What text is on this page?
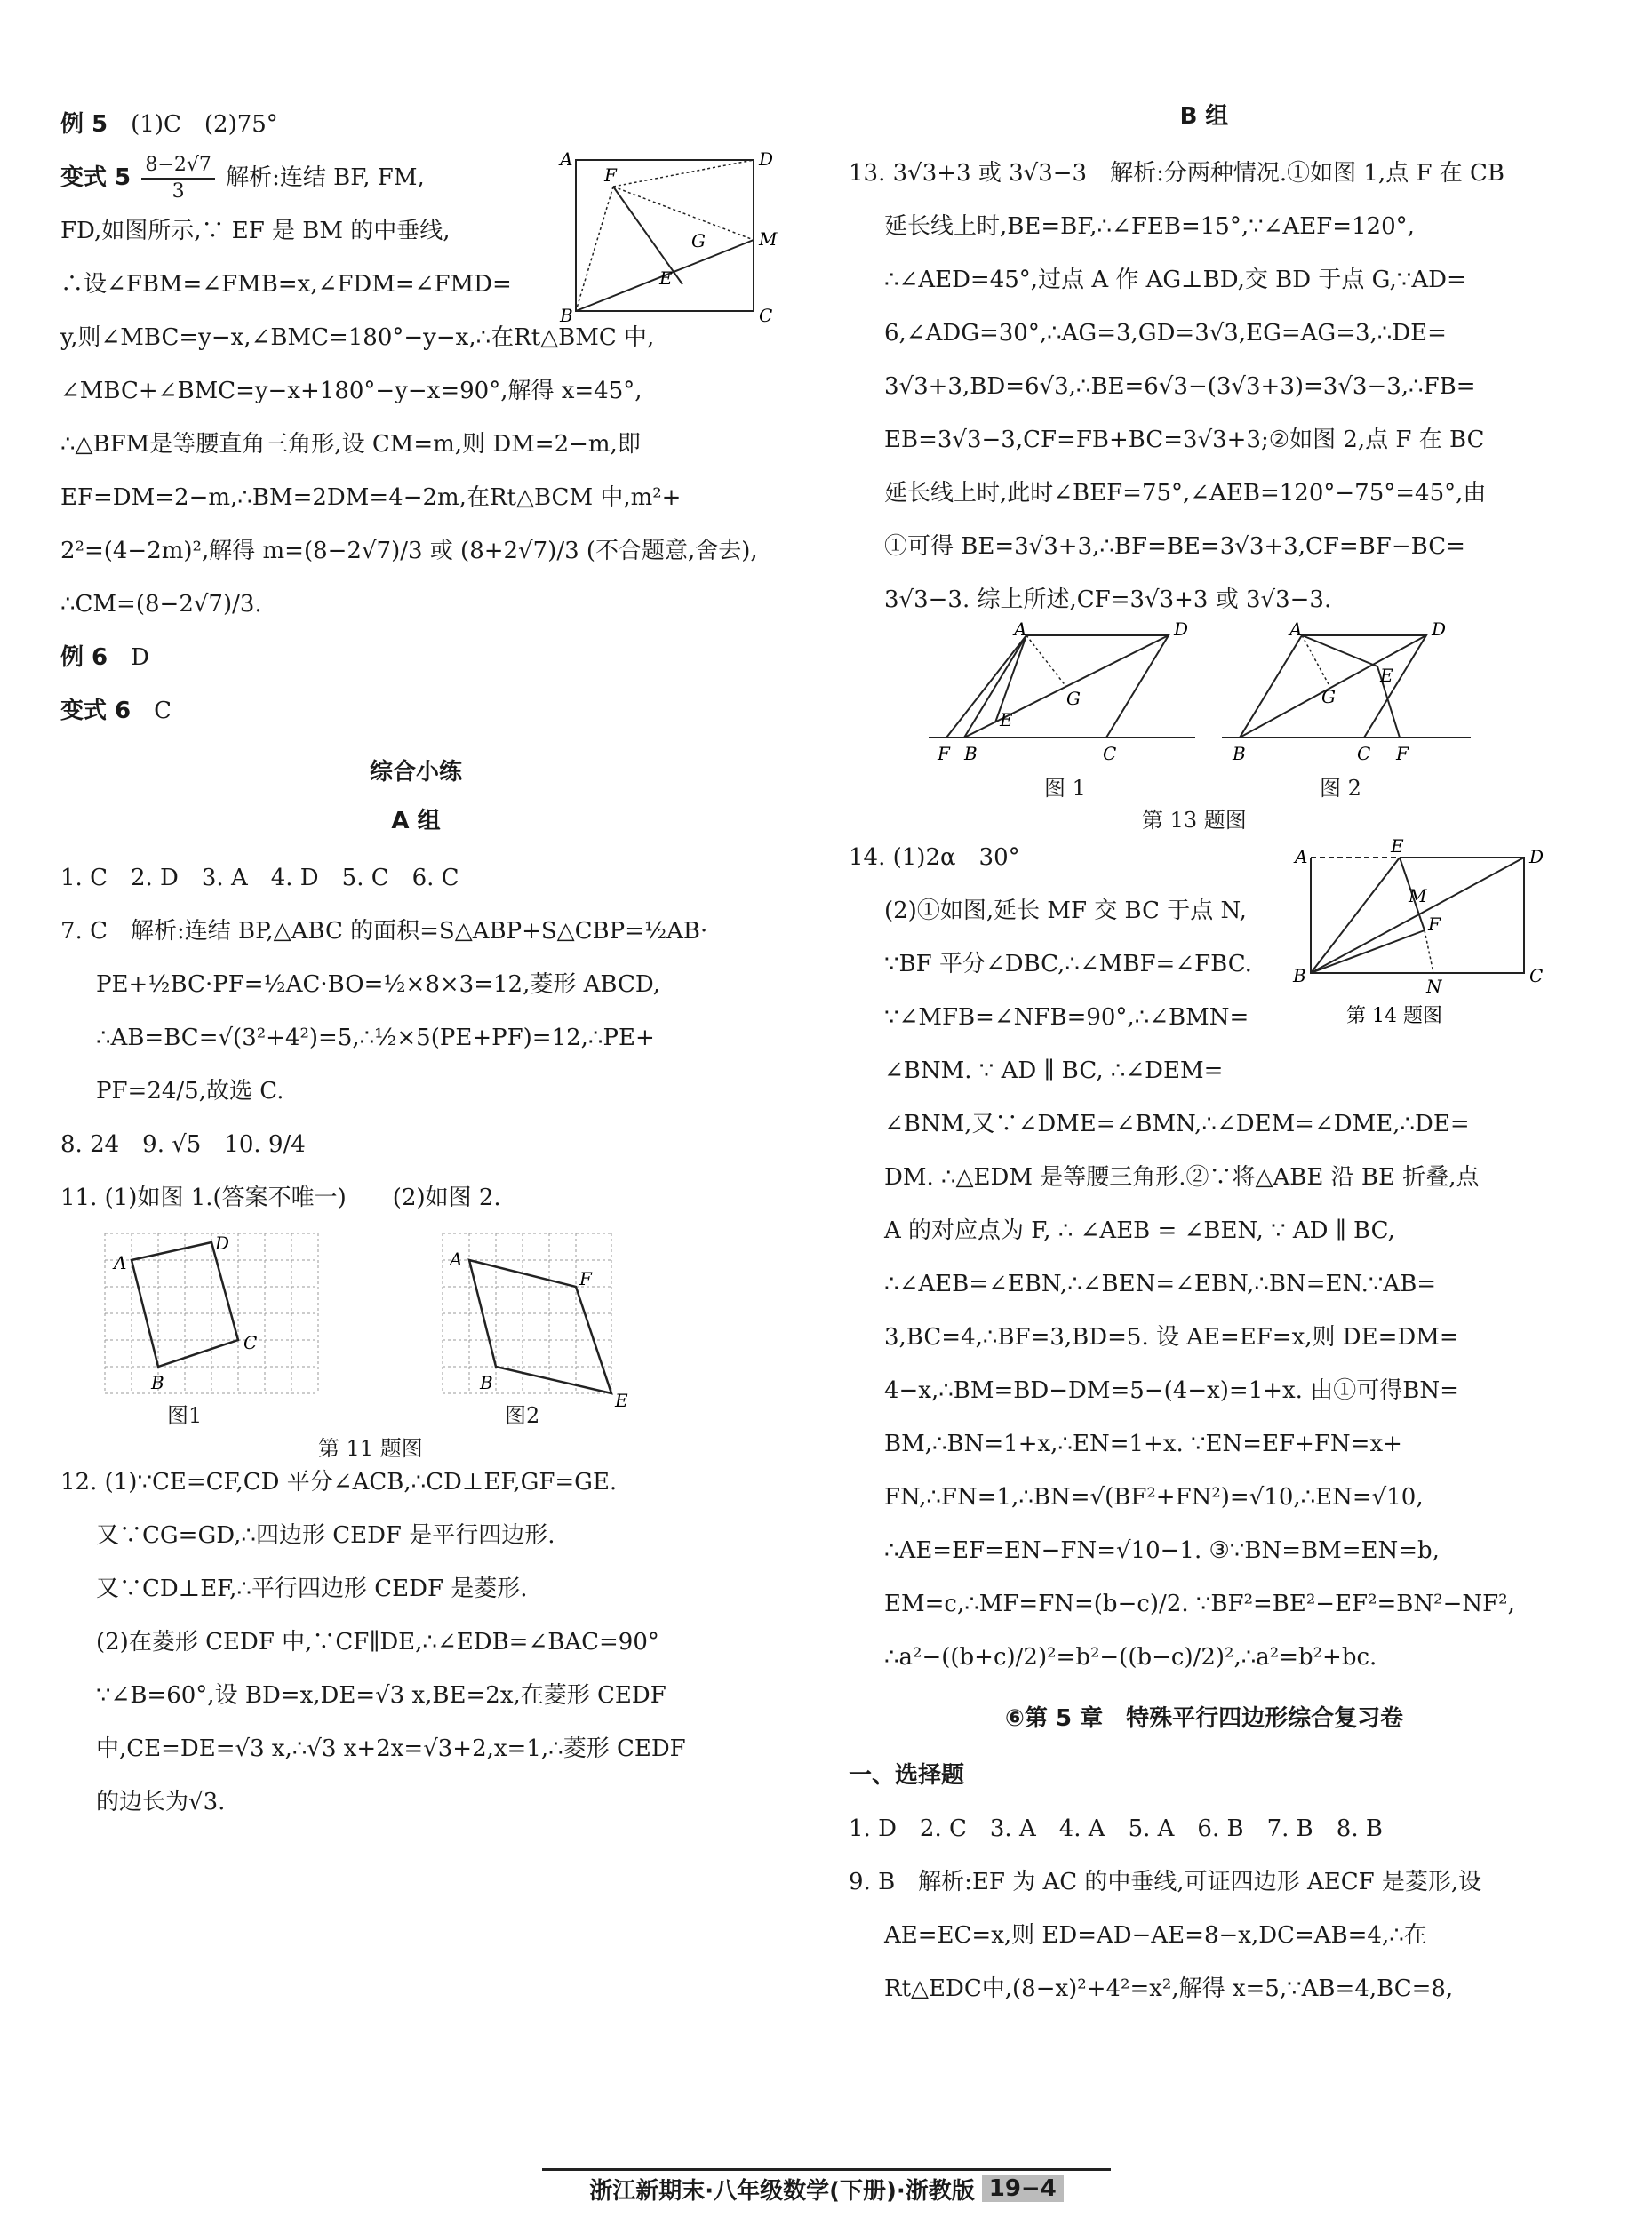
例 5　 (1)C　(2)75°

变式 $5 \frac{8-2√7}{3}$ 解析:连结 BF, FM,

A	D
B	C
M
F
G
E

FD,如图所示,∵ EF 是 BM 的中垂线,

∴设∠FBM=∠FMB=x,∠FDM=∠FMD=

y,则∠MBC=y−x,∠BMC=180°−y−x,∴在Rt△BMC 中,

∠MBC+∠BMC=y−x+180°−y−x=90°,解得 x=45°,

∴△BFM是等腰直角三角形,设 CM=m,则 DM=2−m,即

EF=DM=2−m,∴BM=2DM=4−2m,在Rt△BCM 中,m²+

2²=(4−2m)²,解得 m=(8−2√7)/3 或 (8+2√7)/3 (不合题意,舍去),

∴CM=(8−2√7)/3.

例 6　 D

变式 6　 C

综合小练
A 组

1. C　2. D　3. A　4. D　5. C　6. C

7. C　解析:连结 BP,△ABC 的面积=S△ABP+S△CBP=½AB·

PE+½BC·PF=½AC·BO=½×8×3=12,菱形 ABCD,

∴AB=BC=√(3²+4²)=5,∴½×5(PE+PF)=12,∴PE+

PF=24/5,故选 C.

8. 24　9. √5　10. 9/4

11. (1)如图 1.(答案不唯一)　　(2)如图 2.

A
D
C
B
A
F
E
B
图1	图2
第 11 题图

12. (1)∵CE=CF,CD 平分∠ACB,∴CD⊥EF,GF=GE.

又∵CG=GD,∴四边形 CEDF 是平行四边形.

又∵CD⊥EF,∴平行四边形 CEDF 是菱形.

(2)在菱形 CEDF 中,∵CF∥DE,∴∠EDB=∠BAC=90°

∵∠B=60°,设 BD=x,DE=√3 x,BE=2x,在菱形 CEDF

中,CE=DE=√3 x,∴√3 x+2x=√3+2,x=1,∴菱形 CEDF

的边长为√3.

B 组

13. 3√3+3 或 3√3−3　解析:分两种情况.①如图 1,点 F 在 CB

延长线上时,BE=BF,∴∠FEB=15°,∵∠AEF=120°,

∴∠AED=45°,过点 A 作 AG⊥BD,交 BD 于点 G,∵AD=

6,∠ADG=30°,∴AG=3,GD=3√3,EG=AG=3,∴DE=

3√3+3,BD=6√3,∴BE=6√3−(3√3+3)=3√3−3,∴FB=

EB=3√3−3,CF=FB+BC=3√3+3;②如图 2,点 F 在 BC

延长线上时,此时∠BEF=75°,∠AEB=120°−75°=45°,由

①可得 BE=3√3+3,∴BF=BE=3√3+3,CF=BF−BC=

3√3−3. 综上所述,CF=3√3+3 或 3√3−3.

A	D
G
E
F B	C
A	D
G
E
B	C F
图 1	图 2
第 13 题图

14. (1)2α　30°

(2)①如图,延长 MF 交 BC 于点 N,

∵BF 平分∠DBC,∴∠MBF=∠FBC.

∵∠MFB=∠NFB=90°,∴∠BMN=

∠BNM. ∵ AD ∥ BC, ∴∠DEM=

A	E	D
M
F
B	C
N
第 14 题图

∠BNM,又∵∠DME=∠BMN,∴∠DEM=∠DME,∴DE=

DM. ∴△EDM 是等腰三角形.②∵将△ABE 沿 BE 折叠,点

A 的对应点为 F, ∴ ∠AEB = ∠BEN, ∵ AD ∥ BC,

∴∠AEB=∠EBN,∴∠BEN=∠EBN,∴BN=EN.∵AB=

3,BC=4,∴BF=3,BD=5. 设 AE=EF=x,则 DE=DM=

4−x,∴BM=BD−DM=5−(4−x)=1+x. 由①可得BN=

BM,∴BN=1+x,∴EN=1+x. ∵EN=EF+FN=x+

FN,∴FN=1,∴BN=√(BF²+FN²)=√10,∴EN=√10,

∴AE=EF=EN−FN=√10−1. ③∵BN=BM=EN=b,

EM=c,∴MF=FN=(b−c)/2. ∵BF²=BE²−EF²=BN²−NF²,

∴a²−((b+c)/2)²=b²−((b−c)/2)²,∴a²=b²+bc.

⑥第 5 章　特殊平行四边形综合复习卷

一、选择题

1. D　2. C　3. A　4. A　5. A　6. B　7. B　8. B

9. B　解析:EF 为 AC 的中垂线,可证四边形 AECF 是菱形,设

AE=EC=x,则 ED=AD−AE=8−x,DC=AB=4,∴在

Rt△EDC中,(8−x)²+4²=x²,解得 x=5,∵AB=4,BC=8,

浙江新期末·八年级数学(下册)·浙教版 19−4
